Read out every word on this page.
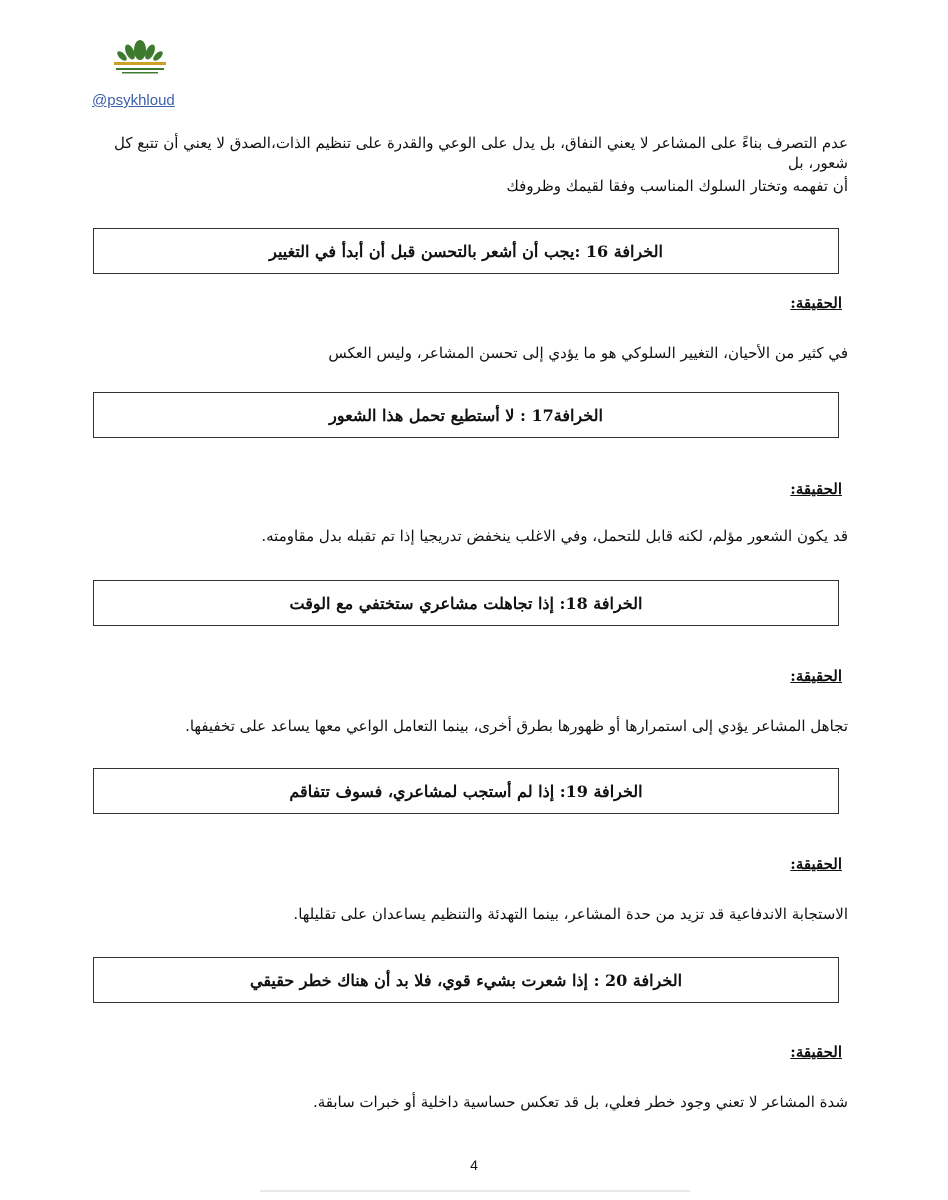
@psykhloud
عدم التصرف بناءً على المشاعر لا يعني النفاق، بل يدل على الوعي والقدرة على تنظيم الذات،الصدق لا يعني أن تتبع كل شعور، بل
أن تفهمه وتختار السلوك المناسب وفقا لقيمك وظروفك
الخرافة 16 :يجب أن أشعر بالتحسن قبل أن أبدأ في التغيير
الحقيقة:
في كثير من الأحيان، التغيير السلوكي هو ما يؤدي إلى تحسن المشاعر، وليس العكس
الخرافة17 : لا أستطيع تحمل هذا الشعور
الحقيقة:
قد يكون الشعور مؤلم، لكنه قابل للتحمل، وفي الاغلب ينخفض تدريجيا إذا تم تقبله بدل مقاومته.
الخرافة 18: إذا تجاهلت مشاعري ستختفي مع الوقت
الحقيقة:
تجاهل المشاعر يؤدي إلى استمرارها أو ظهورها بطرق أخرى، بينما التعامل الواعي معها يساعد على تخفيفها.
الخرافة 19: إذا لم أستجب لمشاعري، فسوف تتفاقم
الحقيقة:
الاستجابة الاندفاعية قد تزيد من حدة المشاعر، بينما التهدئة والتنظيم يساعدان على تقليلها.
الخرافة 20 : إذا شعرت بشيء قوي، فلا بد أن هناك خطر حقيقي
الحقيقة:
شدة المشاعر لا تعني وجود خطر فعلي، بل قد تعكس حساسية داخلية أو خبرات سابقة.
4
